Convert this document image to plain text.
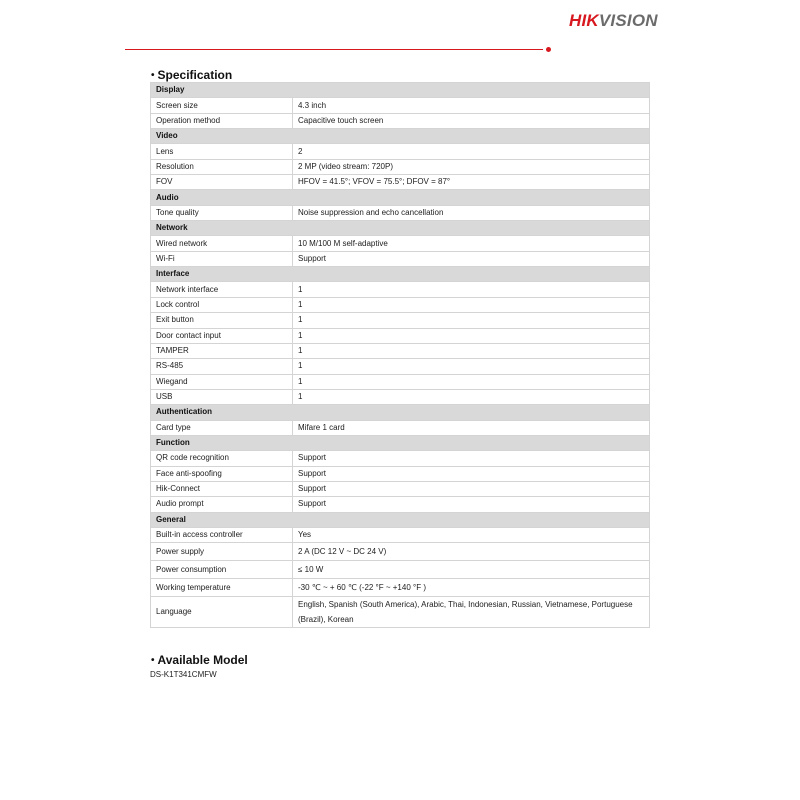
HIKVISION
• Specification
Display	
Screen size	4.3 inch
Operation method	Capacitive touch screen
Video	
Lens	2
Resolution	2 MP (video stream: 720P)
FOV	HFOV = 41.5°; VFOV = 75.5°; DFOV = 87°
Audio	
Tone quality	Noise suppression and echo cancellation
Network	
Wired network	10 M/100 M self-adaptive
Wi-Fi	Support
Interface	
Network interface	1
Lock control	1
Exit button	1
Door contact input	1
TAMPER	1
RS-485	1
Wiegand	1
USB	1
Authentication	
Card type	Mifare 1 card
Function	
QR code recognition	Support
Face anti-spoofing	Support
Hik-Connect	Support
Audio prompt	Support
General	
Built-in access controller	Yes
Power supply	2 A (DC 12 V ~ DC 24 V)
Power consumption	≤ 10 W
Working temperature	-30 ℃ ~ + 60 ℃ (-22 °F ~ +140 °F )
Language	English, Spanish (South America), Arabic, Thai, Indonesian, Russian, Vietnamese, Portuguese (Brazil), Korean
• Available Model
DS-K1T341CMFW
